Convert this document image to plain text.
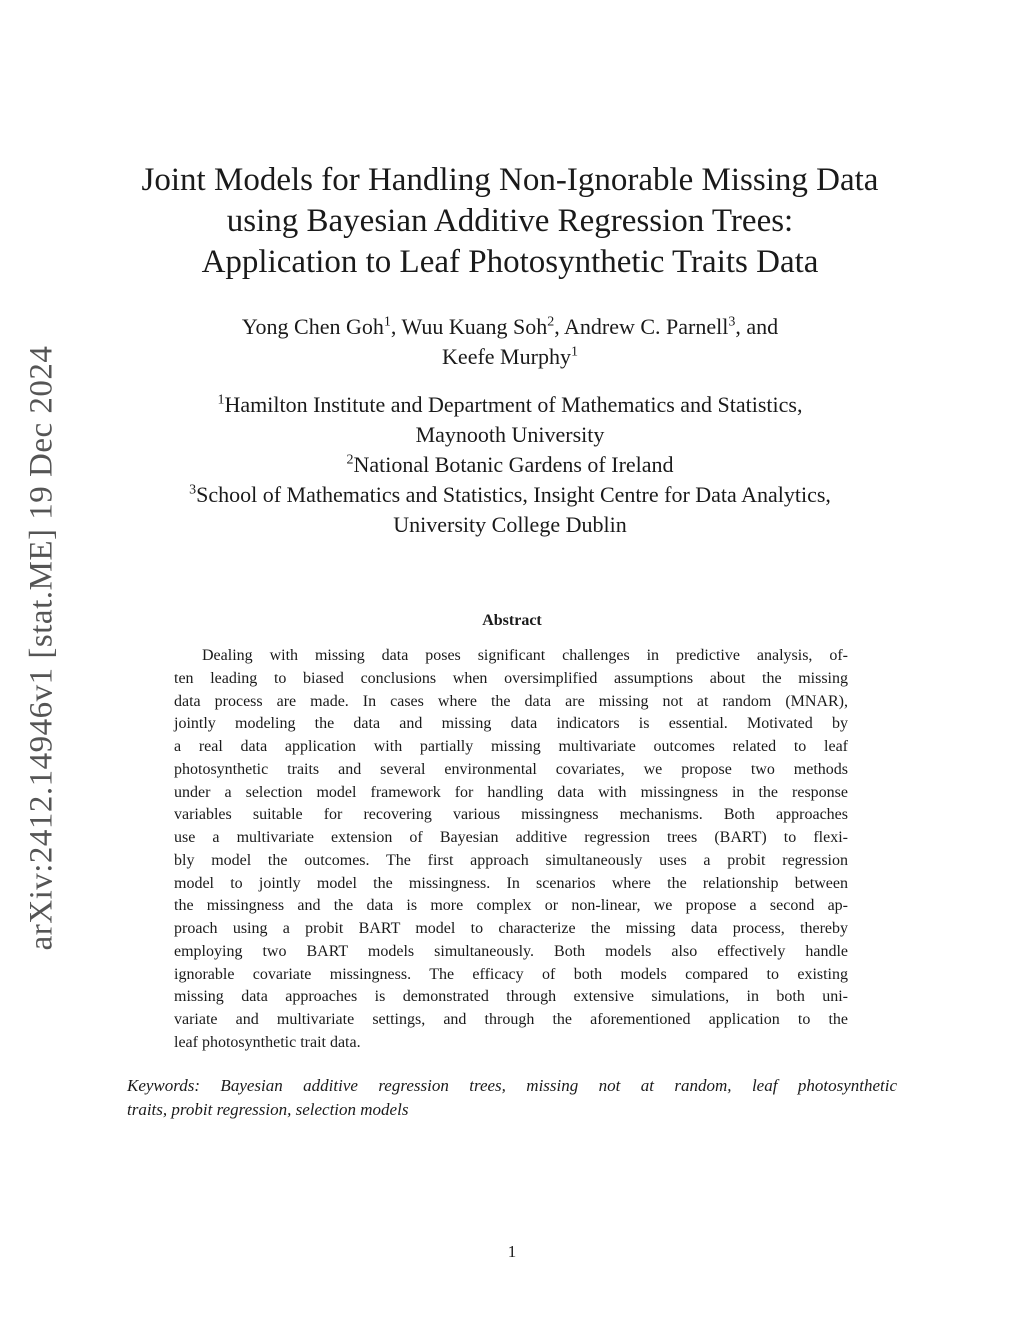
arXiv:2412.14946v1 [stat.ME] 19 Dec 2024
Joint Models for Handling Non-Ignorable Missing Data
using Bayesian Additive Regression Trees:
Application to Leaf Photosynthetic Traits Data
Yong Chen Goh$^1$, Wuu Kuang Soh$^2$, Andrew C. Parnell$^3$, and
Keefe Murphy$^1$
$^1$Hamilton Institute and Department of Mathematics and Statistics,
Maynooth University
$^2$National Botanic Gardens of Ireland
$^3$School of Mathematics and Statistics, Insight Centre for Data Analytics,
University College Dublin
Abstract
Dealing with missing data poses significant challenges in predictive analysis, of-
ten leading to biased conclusions when oversimplified assumptions about the missing
data process are made. In cases where the data are missing not at random (MNAR),
jointly modeling the data and missing data indicators is essential. Motivated by
a real data application with partially missing multivariate outcomes related to leaf
photosynthetic traits and several environmental covariates, we propose two methods
under a selection model framework for handling data with missingness in the response
variables suitable for recovering various missingness mechanisms. Both approaches
use a multivariate extension of Bayesian additive regression trees (BART) to flexi-
bly model the outcomes. The first approach simultaneously uses a probit regression
model to jointly model the missingness. In scenarios where the relationship between
the missingness and the data is more complex or non-linear, we propose a second ap-
proach using a probit BART model to characterize the missing data process, thereby
employing two BART models simultaneously. Both models also effectively handle
ignorable covariate missingness. The efficacy of both models compared to existing
missing data approaches is demonstrated through extensive simulations, in both uni-
variate and multivariate settings, and through the aforementioned application to the
leaf photosynthetic trait data.
Keywords: Bayesian additive regression trees, missing not at random, leaf photosynthetic
traits, probit regression, selection models
1
